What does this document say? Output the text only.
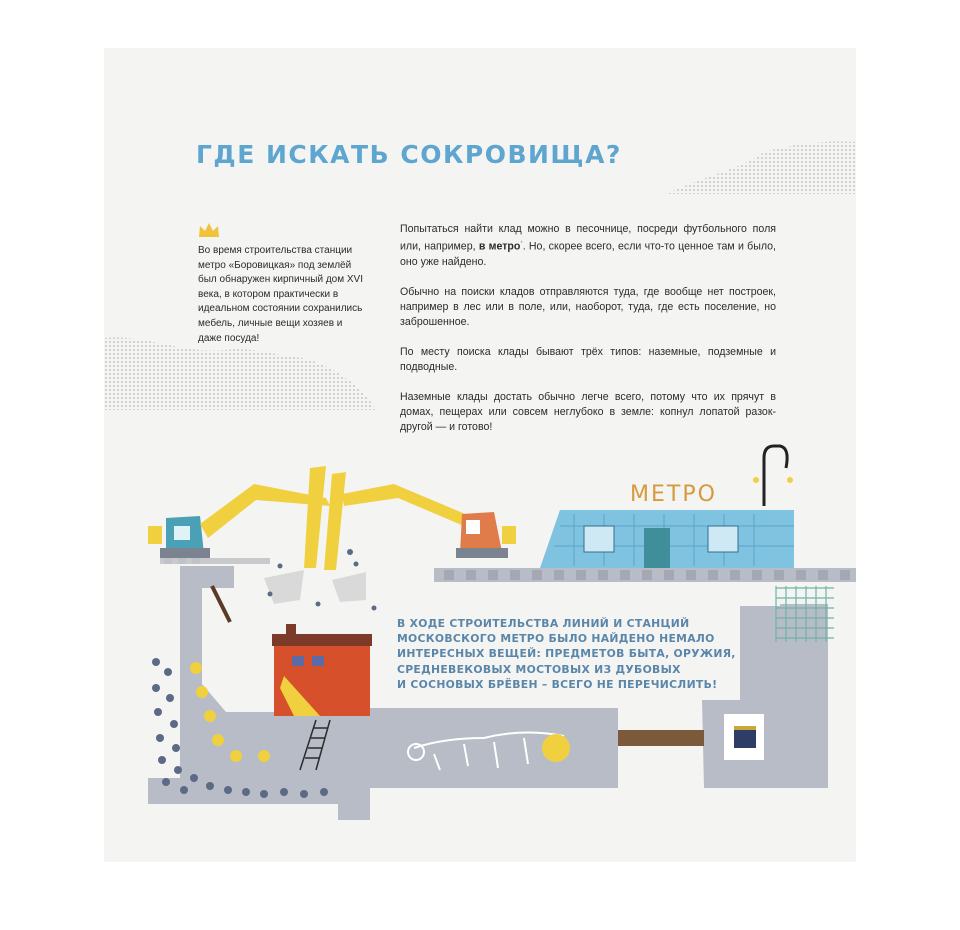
ГДЕ ИСКАТЬ СОКРОВИЩА?
Во время строительства станции метро «Боровицкая» под землёй был обнаружен кирпичный дом XVI века, в котором практически в идеальном состоянии сохранились мебель, личные вещи хозяев и даже посуда!

Попытаться найти клад можно в песочнице, посреди футбольного поля или, например, в метро*. Но, скорее всего, если что-то ценное там и было, оно уже найдено.

Обычно на поиски кладов отправляются туда, где вообще нет построек, например в лес или в поле, или, наоборот, туда, где есть поселение, но заброшенное.

По месту поиска клады бывают трёх типов: наземные, подземные и подводные.

Наземные клады достать обычно легче всего, потому что их прячут в домах, пещерах или совсем неглубоко в земле: копнул лопатой разок-другой — и готово!

МЕТРО
В ХОДЕ СТРОИТЕЛЬСТВА ЛИНИЙ И СТАНЦИЙ
МОСКОВСКОГО МЕТРО БЫЛО НАЙДЕНО НЕМАЛО
ИНТЕРЕСНЫХ ВЕЩЕЙ: ПРЕДМЕТОВ БЫТА, ОРУЖИЯ,
СРЕДНЕВЕКОВЫХ МОСТОВЫХ ИЗ ДУБОВЫХ
И СОСНОВЫХ БРЁВЕН – ВСЕГО НЕ ПЕРЕЧИСЛИТЬ!
